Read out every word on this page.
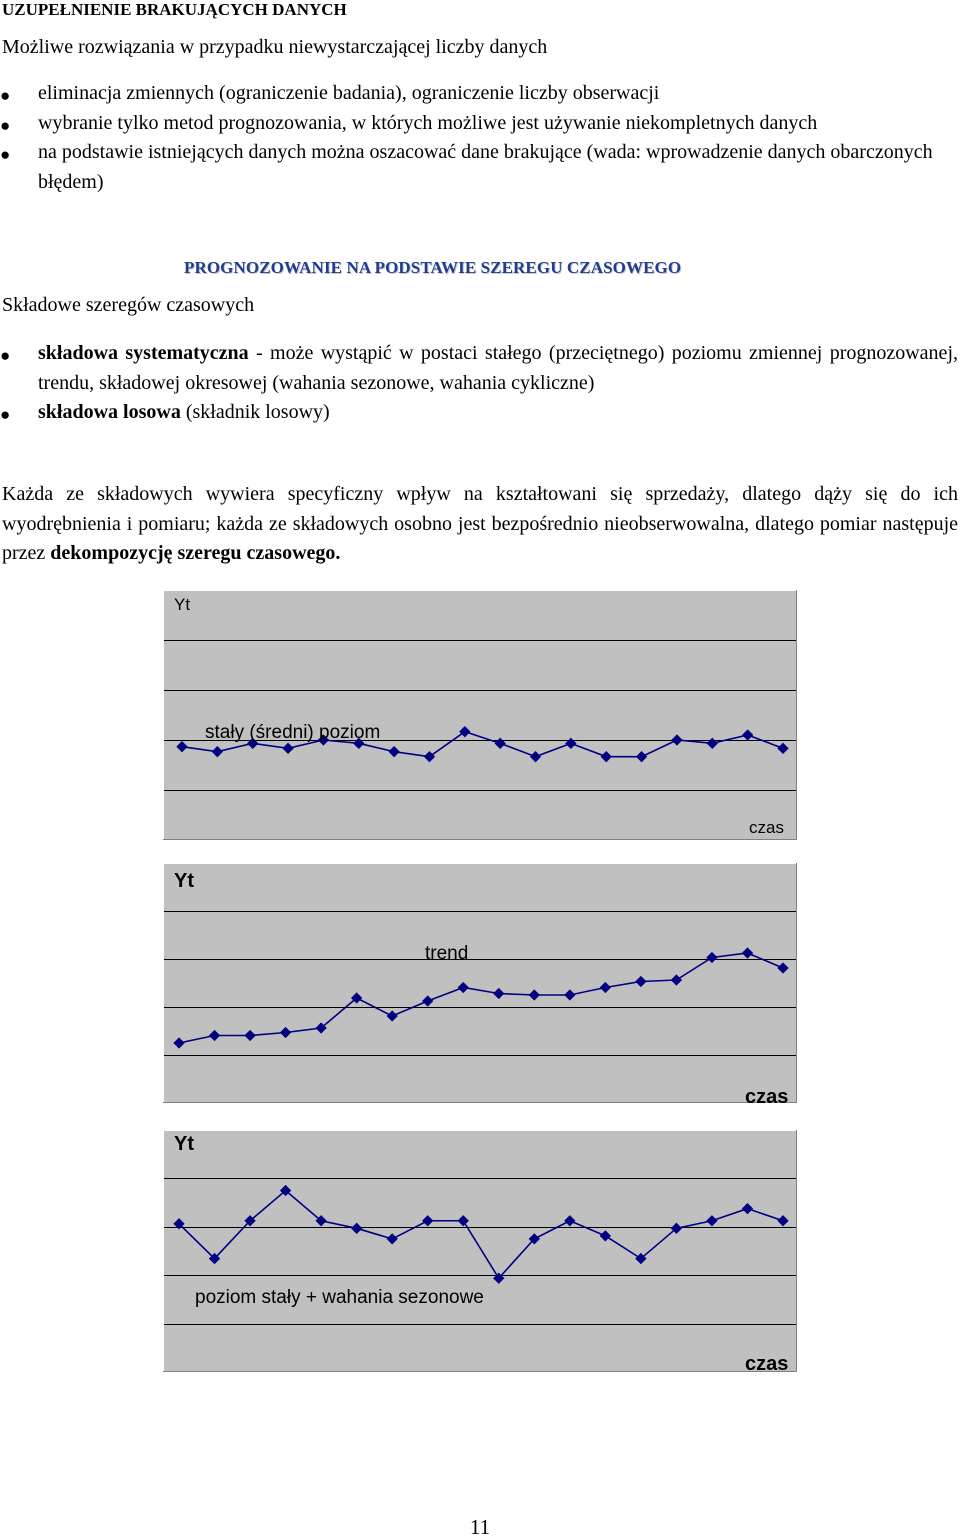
UZUPEŁNIENIE BRAKUJĄCYCH DANYCH
Możliwe rozwiązania w przypadku niewystarczającej liczby danych
● eliminacja zmiennych (ograniczenie badania), ograniczenie liczby obserwacji
● wybranie tylko metod prognozowania, w których możliwe jest używanie niekompletnych danych
● na podstawie istniejących danych można oszacować dane brakujące (wada: wprowadzenie danych obarczonych błędem)
PROGNOZOWANIE NA PODSTAWIE SZEREGU CZASOWEGO
Składowe szeregów czasowych
● składowa systematyczna - może wystąpić w postaci stałego (przeciętnego) poziomu zmiennej prognozowanej, trendu, składowej okresowej (wahania sezonowe, wahania cykliczne)
● składowa losowa (składnik losowy)
Każda ze składowych wywiera specyficzny wpływ na kształtowani się sprzedaży, dlatego dąży się do ich wyodrębnienia i pomiaru; każda ze składowych osobno jest bezpośrednio nieobserwowalna, dlatego pomiar następuje przez dekompozycję szeregu czasowego.
Yt
czas
stały (średni) poziom
Yt
czas
trend
Yt
czas
poziom stały + wahania sezonowe
11
